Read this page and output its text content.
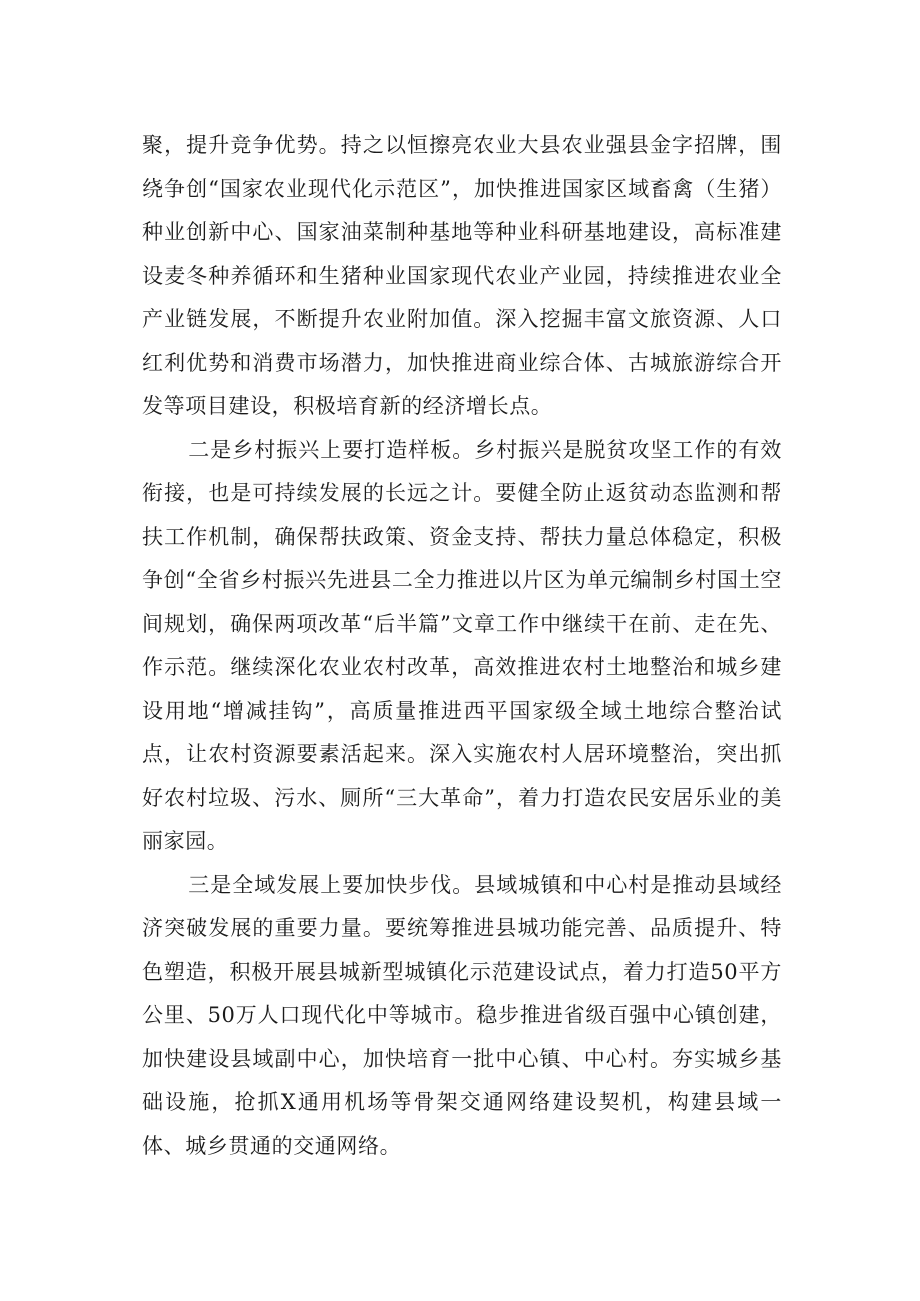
聚，提升竞争优势。持之以恒擦亮农业大县农业强县金字招牌，围绕争创“国家农业现代化示范区”，加快推进国家区域畜禽（生猪）种业创新中心、国家油菜制种基地等种业科研基地建设，高标准建设麦冬种养循环和生猪种业国家现代农业产业园，持续推进农业全产业链发展，不断提升农业附加值。深入挖掘丰富文旅资源、人口红利优势和消费市场潜力，加快推进商业综合体、古城旅游综合开发等项目建设，积极培育新的经济增长点。

二是乡村振兴上要打造样板。乡村振兴是脱贫攻坚工作的有效衔接，也是可持续发展的长远之计。要健全防止返贫动态监测和帮扶工作机制，确保帮扶政策、资金支持、帮扶力量总体稳定，积极争创“全省乡村振兴先进县二全力推进以片区为单元编制乡村国土空间规划，确保两项改革“后半篇”文章工作中继续干在前、走在先、作示范。继续深化农业农村改革，高效推进农村土地整治和城乡建设用地“增减挂钩”，高质量推进西平国家级全域土地综合整治试点，让农村资源要素活起来。深入实施农村人居环境整治，突出抓好农村垃圾、污水、厕所“三大革命”，着力打造农民安居乐业的美丽家园。

三是全域发展上要加快步伐。县域城镇和中心村是推动县域经济突破发展的重要力量。要统筹推进县城功能完善、品质提升、特色塑造，积极开展县城新型城镇化示范建设试点，着力打造50平方公里、50万人口现代化中等城市。稳步推进省级百强中心镇创建，加快建设县域副中心，加快培育一批中心镇、中心村。夯实城乡基础设施，抢抓X通用机场等骨架交通网络建设契机，构建县域一体、城乡贯通的交通网络。
